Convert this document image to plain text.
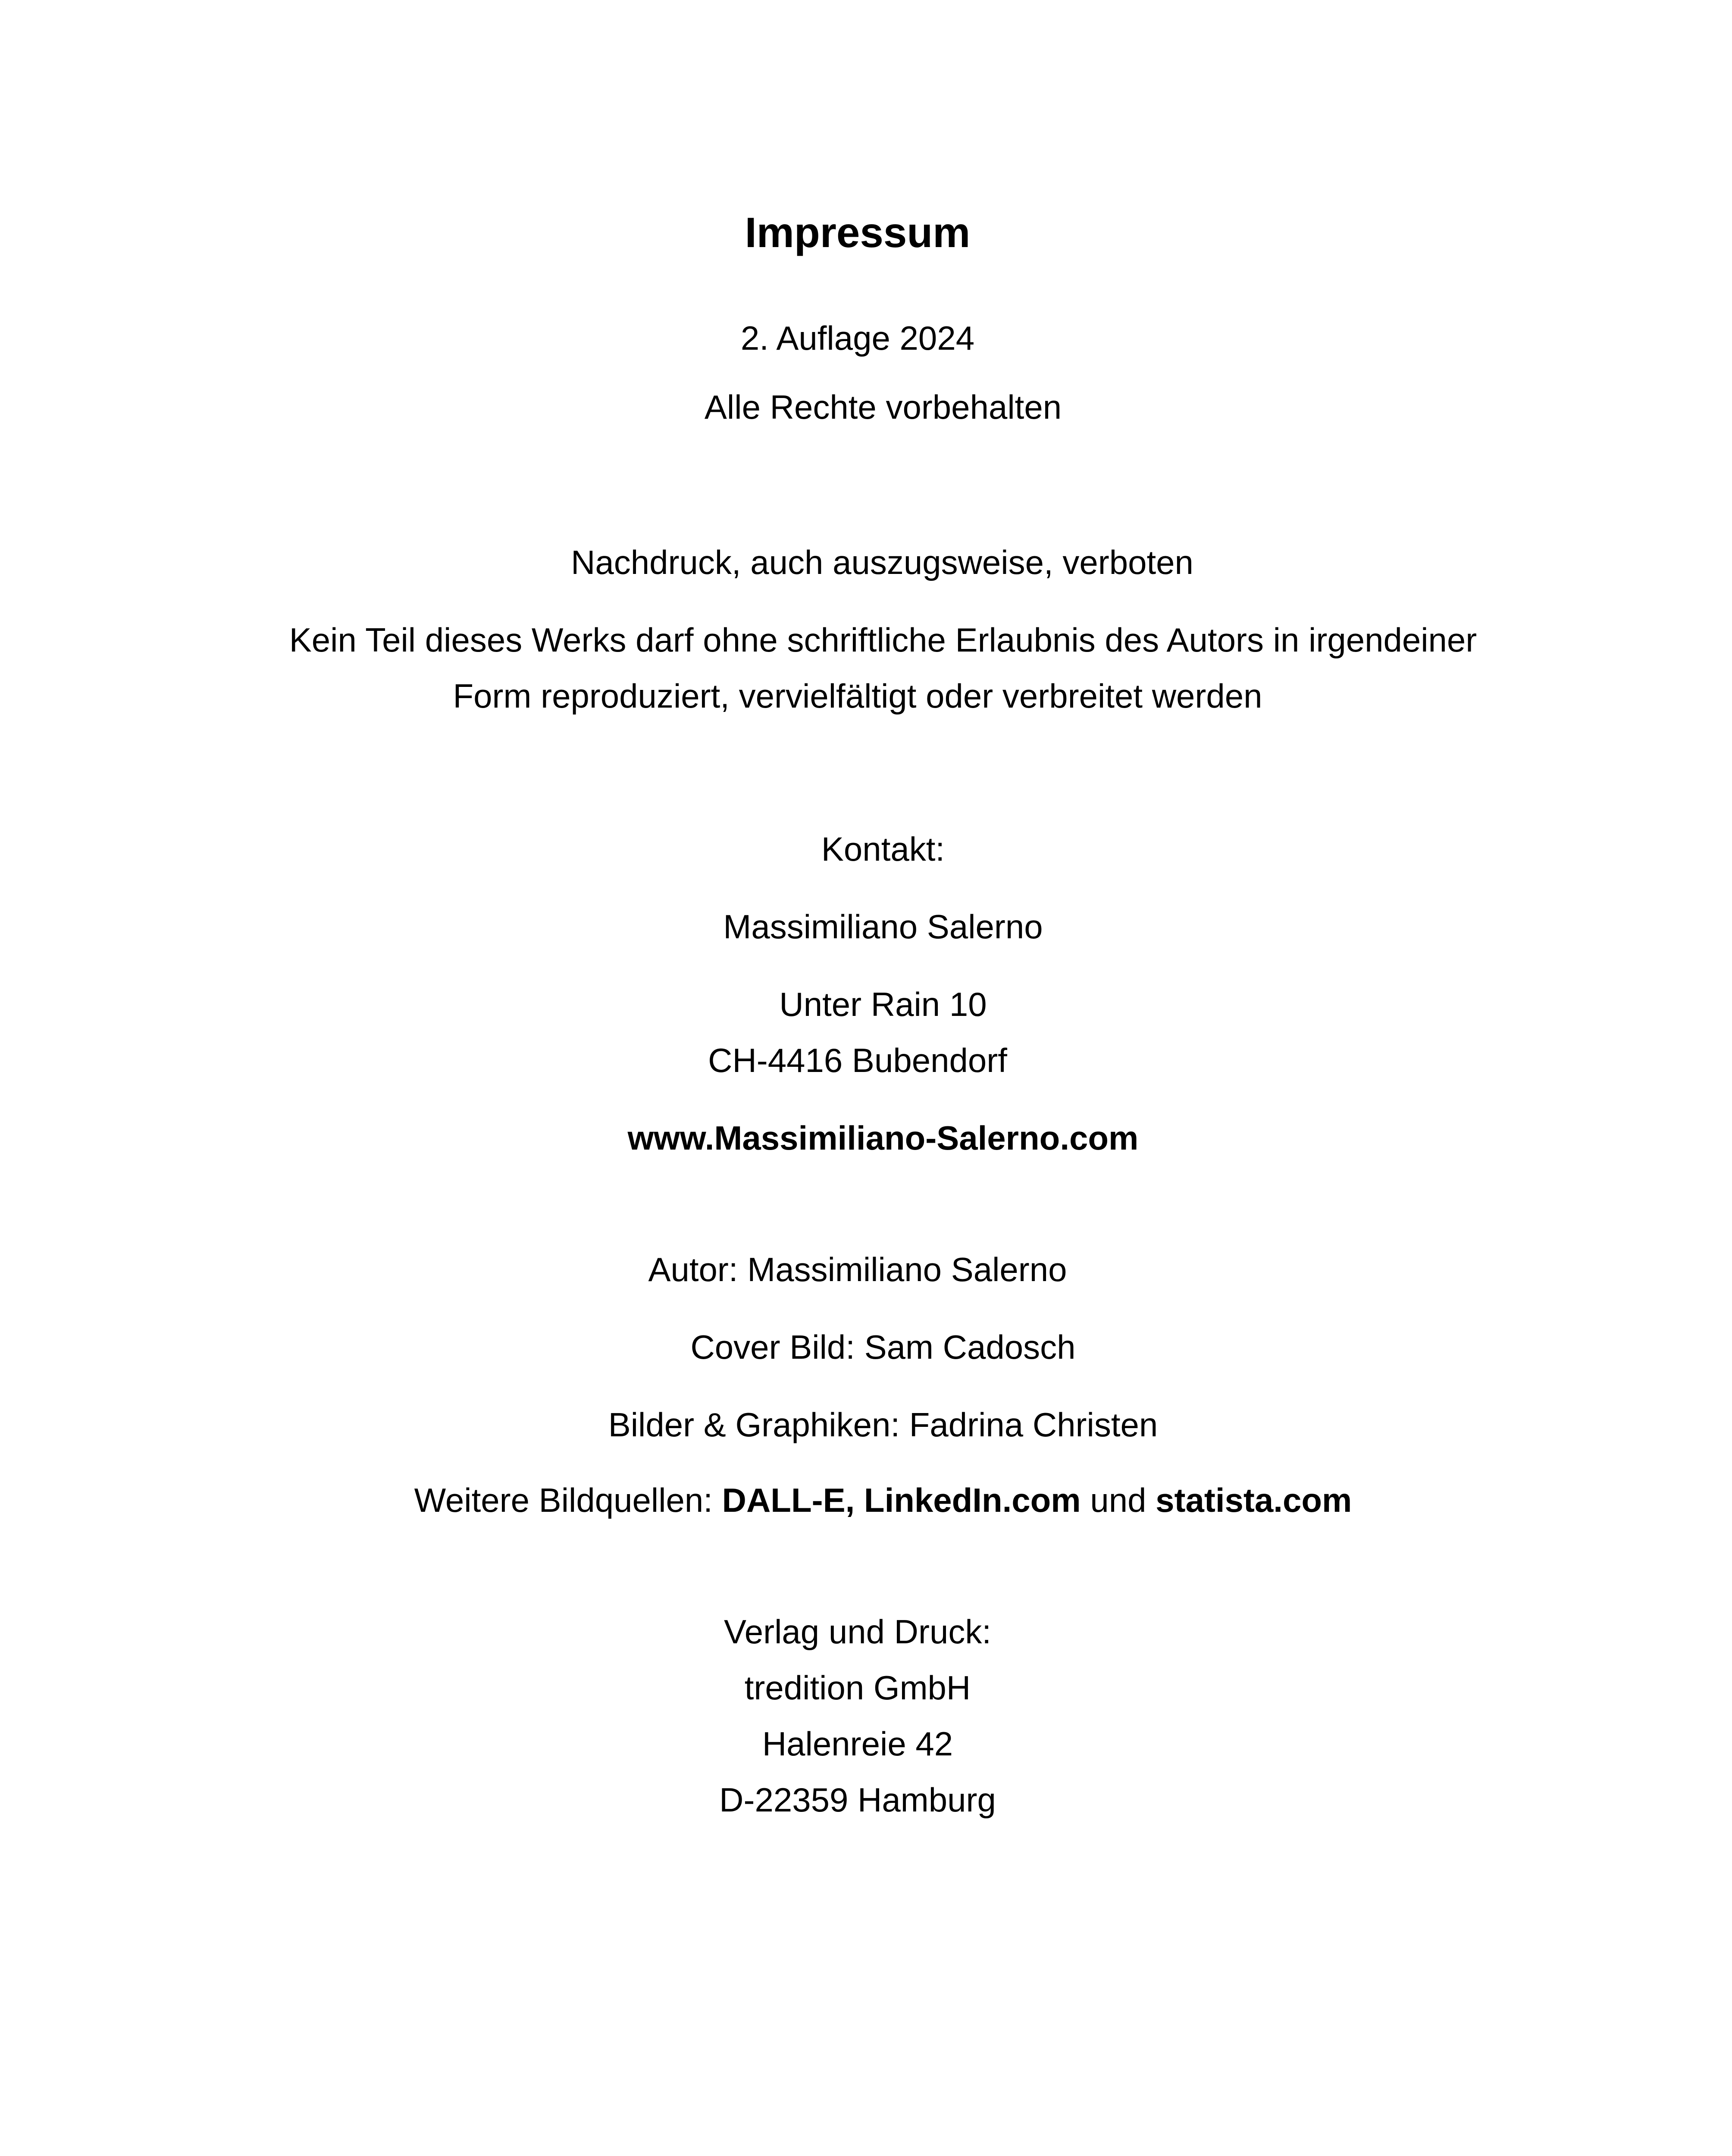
Impressum
2. Auflage 2024
Alle Rechte vorbehalten
Nachdruck, auch auszugsweise, verboten
Kein Teil dieses Werks darf ohne schriftliche Erlaubnis des Autors in irgendeiner
Form reproduziert, vervielfältigt oder verbreitet werden
Kontakt:
Massimiliano Salerno
Unter Rain 10
CH-4416 Bubendorf
www.Massimiliano-Salerno.com
Autor: Massimiliano Salerno
Cover Bild: Sam Cadosch
Bilder & Graphiken: Fadrina Christen
Weitere Bildquellen: DALL-E, LinkedIn.com und statista.com
Verlag und Druck:
tredition GmbH
Halenreie 42
D-22359 Hamburg
